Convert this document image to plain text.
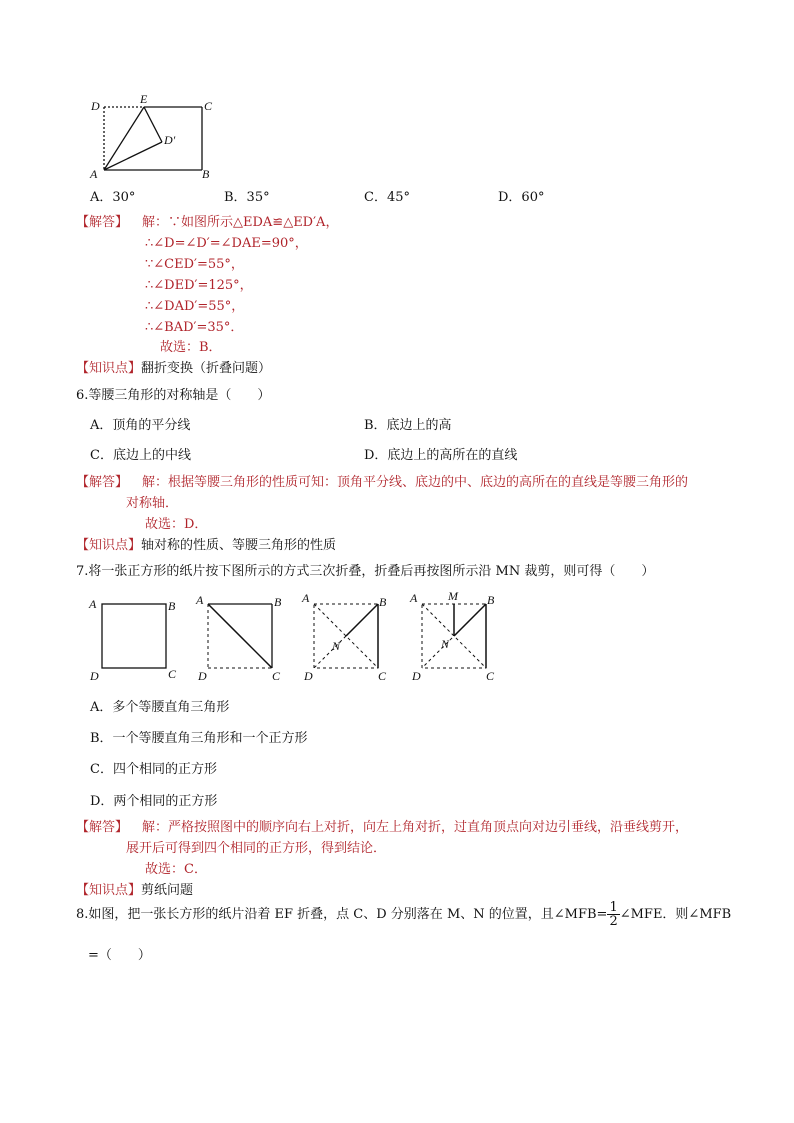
D	E	C
D′
A	B
A．30°	B．35°	C．45°	D．60°
【解答】 解：∵如图所示△EDA≌△ED′A，
∴∠D=∠D′=∠DAE=90°，
∵∠CED′=55°，
∴∠DED′=125°，
∴∠DAD′=55°，
∴∠BAD′=35°．
故选：B．
【知识点】翻折变换（折叠问题）
6.等腰三角形的对称轴是（　　）
A．顶角的平分线	B．底边上的高
C．底边上的中线	D．底边上的高所在的直线
【解答】 解：根据等腰三角形的性质可知：顶角平分线、底边的中、底边的高所在的直线是等腰三角形的
对称轴．
故选：D．
【知识点】轴对称的性质、等腰三角形的性质
7.将一张正方形的纸片按下图所示的方式三次折叠，折叠后再按图所示沿 MN 裁剪，则可得（　　）
A	B
D	C
A	B
D	C
A	B
N
D	C
A	M B
N
D	C
A．多个等腰直角三角形
B．一个等腰直角三角形和一个正方形
C．四个相同的正方形
D．两个相同的正方形
【解答】 解：严格按照图中的顺序向右上对折，向左上角对折，过直角顶点向对边引垂线，沿垂线剪开，
展开后可得到四个相同的正方形，得到结论．
故选：C．
【知识点】剪纸问题
8.如图，把一张长方形的纸片沿着 EF 折叠，点 C、D 分别落在 M、N 的位置，且∠MFB= $\frac{1}{2}$ ∠MFE．则∠MFB
=（　　）
